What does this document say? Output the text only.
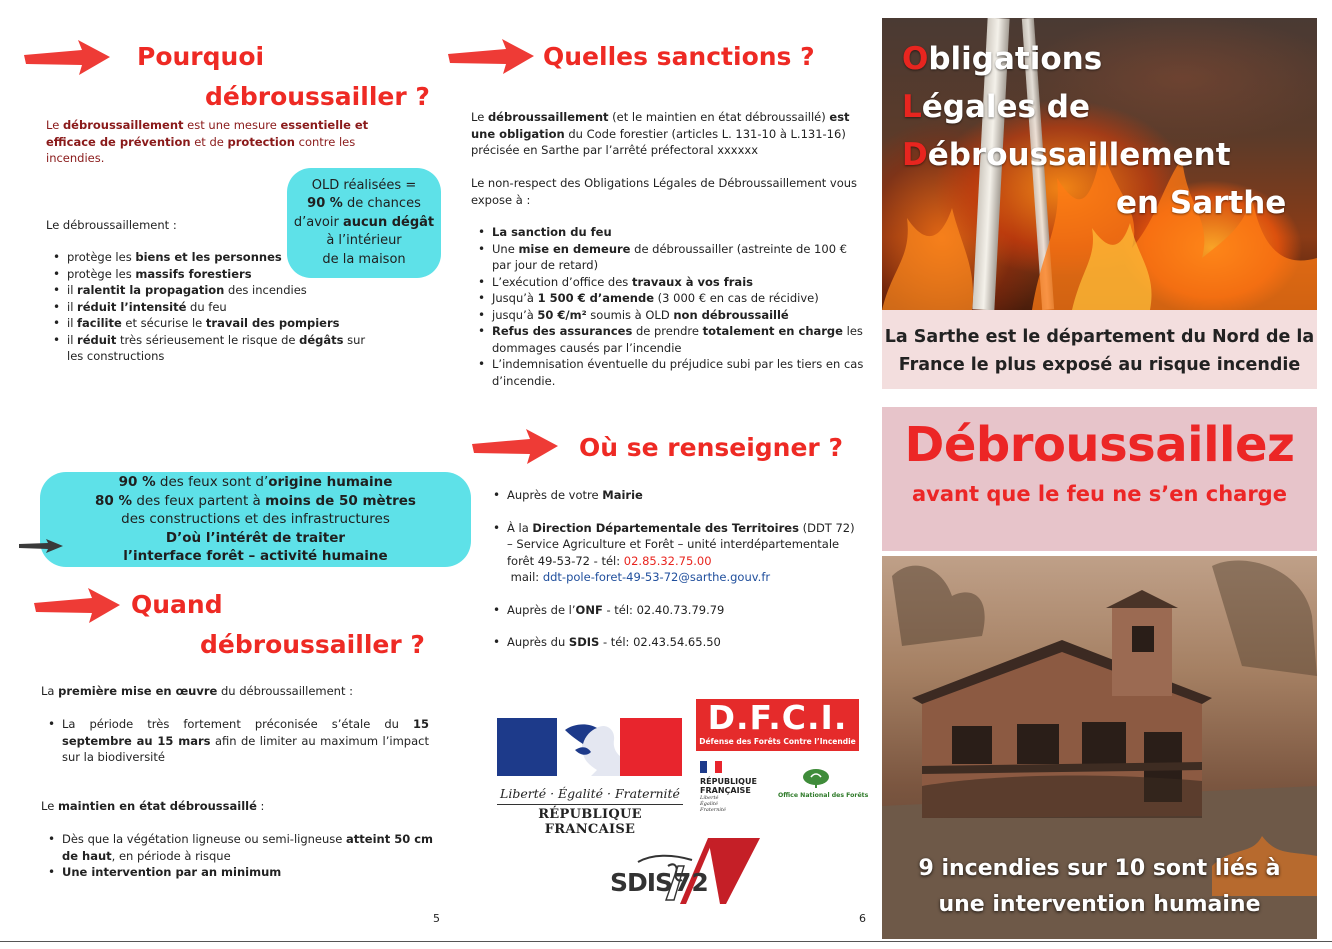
Pourquoi
débroussailler ?
Le débroussaillement est une mesure essentielle et efficace de prévention et de protection contre les incendies.
OLD réalisées =
90 % de chances
d’avoir aucun dégât
à l’intérieur
de la maison
Le débroussaillement :
• protège les biens et les personnes
• protège les massifs forestiers
• il ralentit la propagation des incendies
• il réduit l’intensité du feu
• il facilite et sécurise le travail des pompiers
• il réduit très sérieusement le risque de dégâts sur les constructions
90 % des feux sont d’origine humaine
80 % des feux partent à moins de 50 mètres
des constructions et des infrastructures
D’où l’intérêt de traiter
l’interface forêt – activité humaine
Quand
débroussailler ?
La première mise en œuvre du débroussaillement :
• La période très fortement préconisée s’étale du 15 septembre au 15 mars afin de limiter au maximum l’impact sur la biodiversité
Le maintien en état débroussaillé :
• Dès que la végétation ligneuse ou semi-ligneuse atteint 50 cm de haut, en période à risque
• Une intervention par an minimum
5
Quelles sanctions ?
Le débroussaillement (et le maintien en état débroussaillé) est une obligation du Code forestier (articles L. 131-10 à L.131-16) précisée en Sarthe par l’arrêté préfectoral xxxxxx
Le non-respect des Obligations Légales de Débroussaillement vous expose à :
• La sanction du feu
• Une mise en demeure de débroussailler (astreinte de 100 € par jour de retard)
• L’exécution d’office des travaux à vos frais
• Jusqu’à 1 500 € d’amende (3 000 € en cas de récidive)
• jusqu’à 50 €/m² soumis à OLD non débroussaillé
• Refus des assurances de prendre totalement en charge les dommages causés par l’incendie
• L’indemnisation éventuelle du préjudice subi par les tiers en cas d’incendie.
Où se renseigner ?
• Auprès de votre Mairie
• À la Direction Départementale des Territoires (DDT 72) – Service Agriculture et Forêt – unité interdépartementale forêt 49-53-72 - tél: 02.85.32.75.00
mail: ddt-pole-foret-49-53-72@sarthe.gouv.fr
• Auprès de l’ONF - tél: 02.40.73.79.79
• Auprès du SDIS - tél: 02.43.54.65.50
Liberté · Égalité · Fraternité
RÉPUBLIQUE FRANCAISE
D.F.C.I.
Défense des Forêts Contre l’Incendie
RÉPUBLIQUE FRANÇAISE
Liberté Égalité Fraternité
Office National des Forêts
SDIS 72
6
Obligations
Légales de
Débroussaillement
en Sarthe
La Sarthe est le département du Nord de la
France le plus exposé au risque incendie
Débroussaillez
avant que le feu ne s’en charge
9 incendies sur 10 sont liés à
une intervention humaine
